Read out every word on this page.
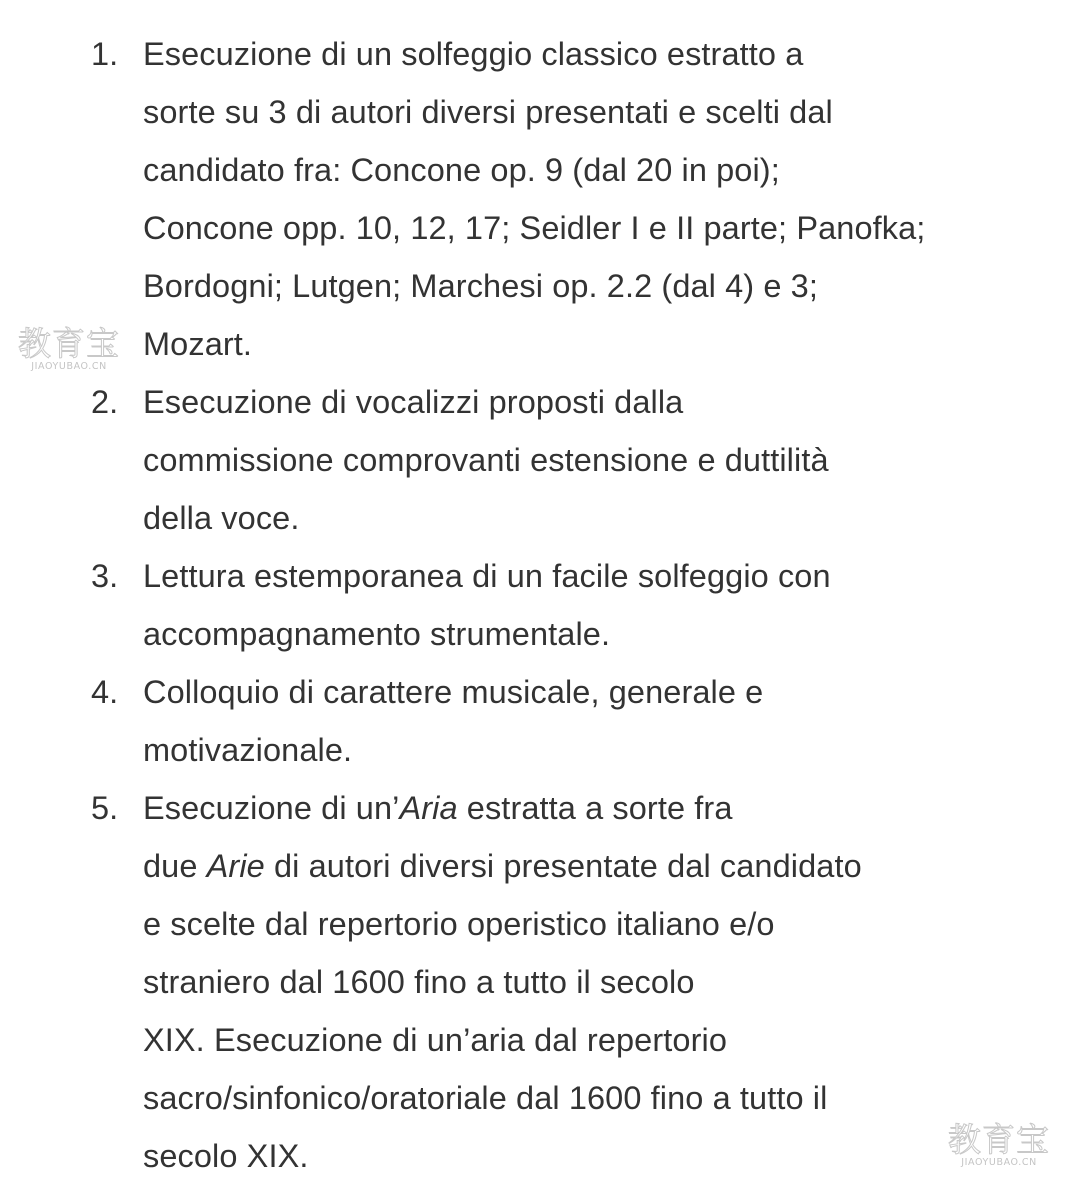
1. Esecuzione di un solfeggio classico estratto a
sorte su 3 di autori diversi presentati e scelti dal
candidato fra: Concone op. 9 (dal 20 in poi);
Concone opp. 10, 12, 17; Seidler I e II parte; Panofka;
Bordogni; Lutgen; Marchesi op. 2.2 (dal 4) e 3;
Mozart.
2. Esecuzione di vocalizzi proposti dalla
commissione comprovanti estensione e duttilità
della voce.
3. Lettura estemporanea di un facile solfeggio con
accompagnamento strumentale.
4. Colloquio di carattere musicale, generale e
motivazionale.
5. Esecuzione di un’Aria estratta a sorte fra
due Arie di autori diversi presentate dal candidato
e scelte dal repertorio operistico italiano e/o
straniero dal 1600 fino a tutto il secolo
XIX. Esecuzione di un’aria dal repertorio
sacro/sinfonico/oratoriale dal 1600 fino a tutto il
secolo XIX.
教育宝
JIAOYUBAO.CN
教育宝
JIAOYUBAO.CN
